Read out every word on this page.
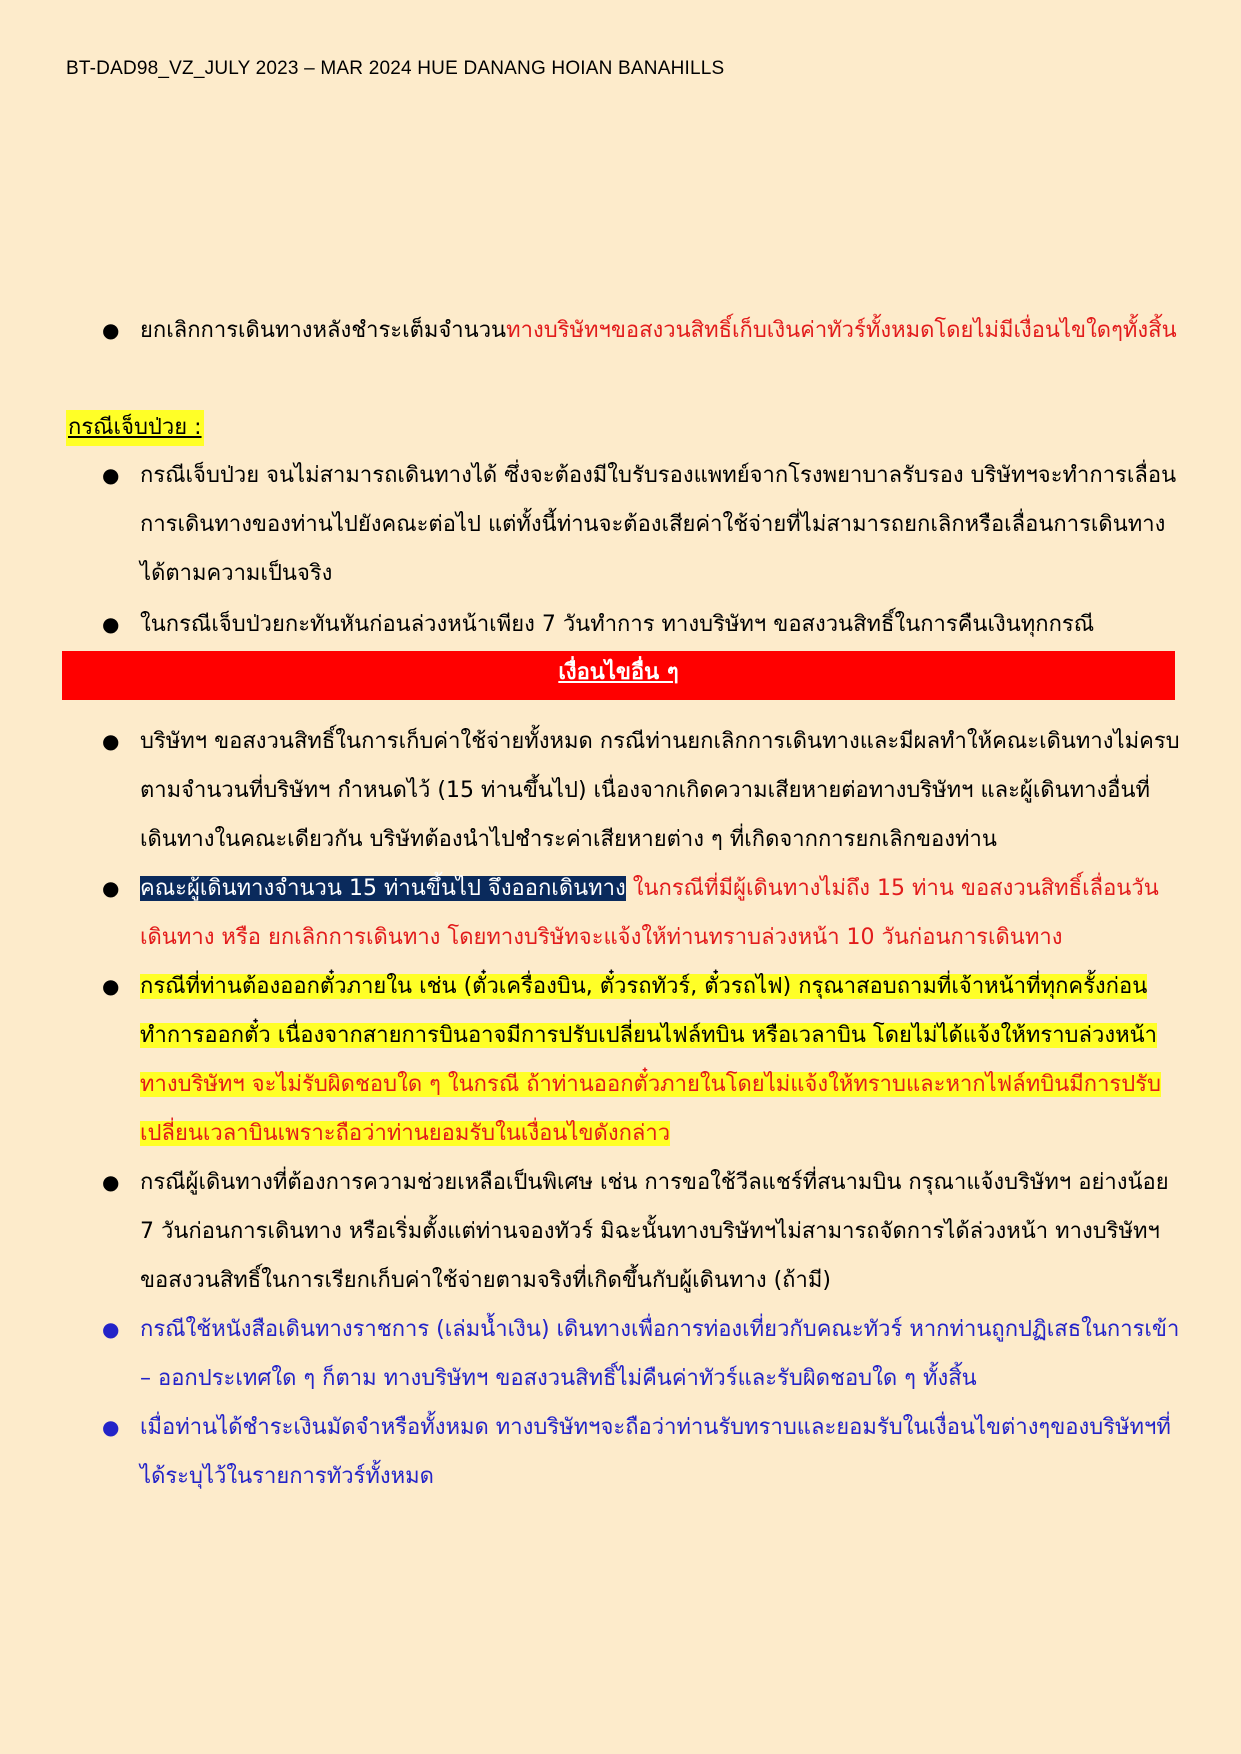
BT-DAD98_VZ_JULY 2023 – MAR 2024 HUE DANANG HOIAN BANAHILLS
● ยกเลิกการเดินทางหลังชำระเต็มจำนวนทางบริษัทฯขอสงวนสิทธิ์เก็บเงินค่าทัวร์ทั้งหมดโดยไม่มีเงื่อนไขใดๆทั้งสิ้น
กรณีเจ็บป่วย :
● กรณีเจ็บป่วย จนไม่สามารถเดินทางได้ ซึ่งจะต้องมีใบรับรองแพทย์จากโรงพยาบาลรับรอง บริษัทฯจะทำการเลื่อนการเดินทางของท่านไปยังคณะต่อไป แต่ทั้งนี้ท่านจะต้องเสียค่าใช้จ่ายที่ไม่สามารถยกเลิกหรือเลื่อนการเดินทางได้ตามความเป็นจริง
● ในกรณีเจ็บป่วยกะทันหันก่อนล่วงหน้าเพียง 7 วันทำการ ทางบริษัทฯ ขอสงวนสิทธิ์ในการคืนเงินทุกกรณี
เงื่อนไขอื่น ๆ
● บริษัทฯ ขอสงวนสิทธิ์ในการเก็บค่าใช้จ่ายทั้งหมด กรณีท่านยกเลิกการเดินทางและมีผลทำให้คณะเดินทางไม่ครบตามจำนวนที่บริษัทฯ กำหนดไว้ (15 ท่านขึ้นไป) เนื่องจากเกิดความเสียหายต่อทางบริษัทฯ และผู้เดินทางอื่นที่เดินทางในคณะเดียวกัน บริษัทต้องนำไปชำระค่าเสียหายต่าง ๆ ที่เกิดจากการยกเลิกของท่าน
● คณะผู้เดินทางจำนวน 15 ท่านขึ้นไป จึงออกเดินทาง ในกรณีที่มีผู้เดินทางไม่ถึง 15 ท่าน ขอสงวนสิทธิ์เลื่อนวันเดินทาง หรือ ยกเลิกการเดินทาง โดยทางบริษัทจะแจ้งให้ท่านทราบล่วงหน้า 10 วันก่อนการเดินทาง
● กรณีที่ท่านต้องออกตั๋วภายใน เช่น (ตั๋วเครื่องบิน, ตั๋วรถทัวร์, ตั๋วรถไฟ) กรุณาสอบถามที่เจ้าหน้าที่ทุกครั้งก่อนทำการออกตั๋ว เนื่องจากสายการบินอาจมีการปรับเปลี่ยนไฟล์ทบิน หรือเวลาบิน โดยไม่ได้แจ้งให้ทราบล่วงหน้า ทางบริษัทฯ จะไม่รับผิดชอบใด ๆ ในกรณี ถ้าท่านออกตั๋วภายในโดยไม่แจ้งให้ทราบและหากไฟล์ทบินมีการปรับเปลี่ยนเวลาบินเพราะถือว่าท่านยอมรับในเงื่อนไขดังกล่าว
● กรณีผู้เดินทางที่ต้องการความช่วยเหลือเป็นพิเศษ เช่น การขอใช้วีลแชร์ที่สนามบิน กรุณาแจ้งบริษัทฯ อย่างน้อย 7 วันก่อนการเดินทาง หรือเริ่มตั้งแต่ท่านจองทัวร์ มิฉะนั้นทางบริษัทฯไม่สามารถจัดการได้ล่วงหน้า ทางบริษัทฯขอสงวนสิทธิ์ในการเรียกเก็บค่าใช้จ่ายตามจริงที่เกิดขึ้นกับผู้เดินทาง (ถ้ามี)
● กรณีใช้หนังสือเดินทางราชการ (เล่มน้ำเงิน) เดินทางเพื่อการท่องเที่ยวกับคณะทัวร์ หากท่านถูกปฏิเสธในการเข้า – ออกประเทศใด ๆ ก็ตาม ทางบริษัทฯ ขอสงวนสิทธิ์ไม่คืนค่าทัวร์และรับผิดชอบใด ๆ ทั้งสิ้น
● เมื่อท่านได้ชำระเงินมัดจำหรือทั้งหมด ทางบริษัทฯจะถือว่าท่านรับทราบและยอมรับในเงื่อนไขต่างๆของบริษัทฯที่ได้ระบุไว้ในรายการทัวร์ทั้งหมด
